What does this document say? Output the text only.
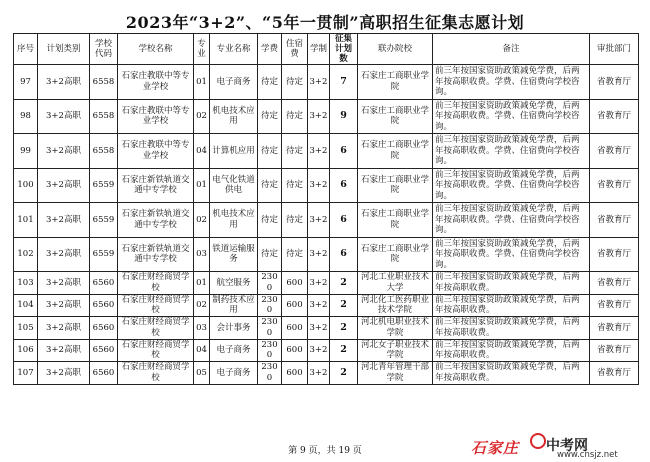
2023年“3+2”、“5年一贯制”高职招生征集志愿计划
序号	计划类别	学校代码	学校名称	专业	专业名称	学费	住宿费	学制	征集计划数	联办院校	备注	审批部门
97	3+2高职	6558	石家庄教联中等专业学校	01	电子商务	待定	待定	3+2	7	石家庄工商职业学院	前三年按国家资助政策减免学费，后两年按高职收费。学费、住宿费向学校咨询。	省教育厅
98	3+2高职	6558	石家庄教联中等专业学校	02	机电技术应用	待定	待定	3+2	9	石家庄工商职业学院	前三年按国家资助政策减免学费，后两年按高职收费。学费、住宿费向学校咨询。	省教育厅
99	3+2高职	6558	石家庄教联中等专业学校	04	计算机应用	待定	待定	3+2	6	石家庄工商职业学院	前三年按国家资助政策减免学费，后两年按高职收费。学费、住宿费向学校咨询。	省教育厅
100	3+2高职	6559	石家庄新铁轨道交通中专学校	01	电气化铁道供电	待定	待定	3+2	6	石家庄工商职业学院	前三年按国家资助政策减免学费，后两年按高职收费。学费、住宿费向学校咨询。	省教育厅
101	3+2高职	6559	石家庄新铁轨道交通中专学校	02	机电技术应用	待定	待定	3+2	6	石家庄工商职业学院	前三年按国家资助政策减免学费，后两年按高职收费。学费、住宿费向学校咨询。	省教育厅
102	3+2高职	6559	石家庄新铁轨道交通中专学校	03	铁道运输服务	待定	待定	3+2	6	石家庄工商职业学院	前三年按国家资助政策减免学费，后两年按高职收费。学费、住宿费向学校咨询。	省教育厅
103	3+2高职	6560	石家庄财经商贸学校	01	航空服务	2300	600	3+2	2	河北工业职业技术大学	前三年按国家资助政策减免学费，后两年按高职收费。	省教育厅
104	3+2高职	6560	石家庄财经商贸学校	02	制药技术应用	2300	600	3+2	2	河北化工医药职业技术学院	前三年按国家资助政策减免学费，后两年按高职收费。	省教育厅
105	3+2高职	6560	石家庄财经商贸学校	03	会计事务	2300	600	3+2	2	河北机电职业技术学院	前三年按国家资助政策减免学费，后两年按高职收费。	省教育厅
106	3+2高职	6560	石家庄财经商贸学校	04	电子商务	2300	600	3+2	2	河北女子职业技术学院	前三年按国家资助政策减免学费，后两年按高职收费。	省教育厅
107	3+2高职	6560	石家庄财经商贸学校	05	电子商务	2300	600	3+2	2	河北青年管理干部学院	前三年按国家资助政策减免学费，后两年按高职收费。	省教育厅
第 9 页，共 19 页	石家庄 中考网
www.cnsjz.net
